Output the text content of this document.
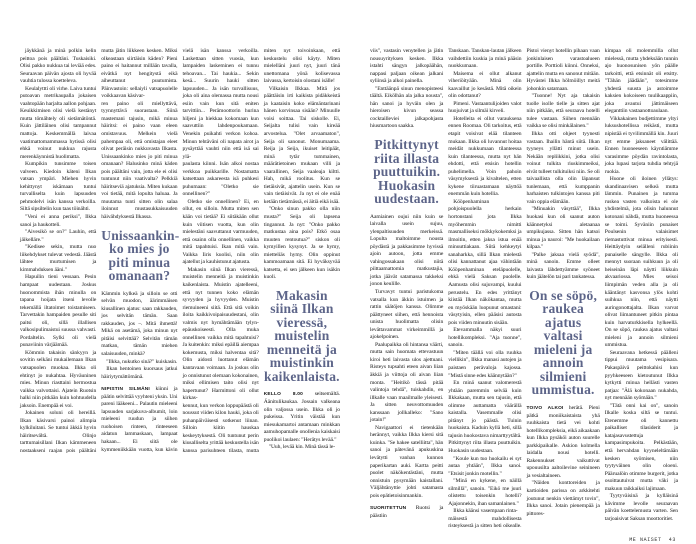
jäykkänä ja minä polkin kelin peittoa pois päältäni. Tuskaisiki. Olisi pakko nukkua tai leviää edes. Seuraavan päivän ajosta oli hyvää vauhtia tulossa koetteleva.

Keulalyttti oli virhe. Laiva tuntui putoavan metrikaupalla jokaisen vaahtopään harjalta aallon pohjaan. Keuikkimisen olisi vielä kestänyt mutta tömähtely oli sietämätöntä. Kuin jättiläinen olisi tampannut mattoja. Keskemmällä laivaa vaatimattomammassa hytissä olisi ehkä voinut nukkua rajusta merenkäynnistä huolimatta.

Kumpikin tunsimme toisen valveen. Kiedoin käteni Ilkan vatsan ympäri. Miehen hyvin kehittynyt iskämaan tuntui turvalliselta kuin lapsuuden pehmolelvi isän kanssa verkoilla. Siltä sipsiltelin kun taas töinähti.

"Veni ei anna periksi", Ilkka sanoi ja haukotteli.

"Aivesikö se on?" Lauhin, että jäikelläre."

"Kedisee sekin, mutta nuo liikehdykset tulevat vedestä. Jäästä lähtee murtumisen ja kimmahduksen ääni."

Hapuilin tieni vessaan. Pesin hampaat uudestaan. Joskus huonommista ihän minulla on tapana hoijata itseni levolle tekemällä iltatoimet toistamiseen. Tarvettakin hampaiden pesulle siti paitsi oli, sillä illallisen valkosipulimaistui suussa vahvasti. Pordaltelin. Sylki oli vielä punaviinin värjäämää.

Kömmin takaisin sänkyyn ja sovitin selkäni mukailemaan Ilkan vatsapuolen muokaa. Ilkka oli ehtinyt jo nukahtaa. Hyväuninen mies. Minun riasttaini hermostua vaikka valvottaisi. Ajatein Ruotsin halki niin pitkään kuin kohtuudella jaksoin. Enempää ei voi.

Jokainen soluni oli hereillä. Ilkan käsivarsi painoi alimpia kylkiluitani. Se tuntui äkkiä hyvin häiritsevältä. Olinjo tarttumaisillani Ilkan kämmeneen nostaakseni raajan pois päältäni mutta jätin liikkeen kesken. Miksi olkeastaan siirtäisin käden? Pieni paino ei haitannut millään tavalla, eivätkä nyt hengitystä eikä aiheuttanut puutumista. Päinvastoin: sellaiyli vatsapuolelle voikkaavan käsivar-

ren paino oli miellyttävä, tyynnyttävä suorastaan. Siinä mastemani tajusin, mikä minua häiritsi: ei paino vaan eleen omistavuus. Melkein vielä pahempaa oli, että omistajan eleet olivat peräisin nukkuvasta Ilkasta. Unissaankinko mies jo piti minua omanaan? Halusinko minä käden pois päältäni vain, jotta ele ei olisi tuntunut niin vaativalta? Pelkkiä häiritseviä ajatuksia. Miten kukaan voi tietää, mitä lopulta haluaa. Ja muutama tunti sitten olin salaa iloinnut mustasukkaisuuden häivähdyksestä Ilkassa.

Unissaankinko mies jo piti minua omanaan?

Kämmin kylkeä ja silloin se otti selvän muodon, äärimmäisen kiusallinen ajatus: saan rakkauden, jos selvitän tämän. Saan rakkauden, jos –. Mitä ihmettä! Mikä on asetämä, joka minun nyt pitäisi selvittää? Selvitän tämän matkan, tämän miehen salaisuuden, minkä?

"Ilkka, nukutko sinä?" kuiskasin.

Ilkan hentoinen kuorsaus jatkui häiriytymättömänä.

NIPISTIN SILMÄNI kiinni ja päätin selvittää vyyhteni yksin. Uni pareni lääkeeni... Palautin mieleeni lapsuuden sarjakuva-albumit, loin mieleeni ruudun ja siihen ruohoisen rinteen, rinteeseen aidatun lammaskaan, lampaat hakaan... Ei siitä ole kymmeniikkään vuotta, kun kävin vielä isän kanssa verkoilla. Laskettaan sitten vuosia, kun lampaiden laskeminen ei tunnu tehoavan... Tai haukia... Sekin kesä... Suurin hauki sitten lapsuuden... Ja isän turvallisuus, joka oli aina olemassa mutta nousi esiin vain kun sitä eniten tarvittiin... Perämoottorin hurina hiljeni ja hiekkaa kokomaan kun saavuttiin lahdenpoukamaan. Venekin puikahti verkon kohoa. Minun tehtäväni oli napata airot ja pysäyttää vauhti niin että isä sai ylä-

paulasta kiinni. Isän alkoi nostaa verkkoa puikkarille. Nostamatta katsettaan askareesta isä puhkesi puhumaan: "Oletko sie onnellinen?"

Oletko sie onnellinen? Ei, en ollut, en silloin. Mutta miten sen kään voi tietää? Ei siitäkään ollut kuin viitisen vuotta, kun olin mielestäni saavuttanut varmuuden, että osainn olla onnellinen, vaikka mitä tapahtuisi. Ikan mitä vain. Vaikka Iiris kuolisi, niin olin ajatellut ja kauhistunut ajatusta.

Makasin siinä Ilkan vieressä, muistelin menneitä ja muistinkin kaikenlaista. Muistin ajatelleeni, että nyt tunnen koko elämän syvyyden ja hyvyyden. Muistin riemuineeni siitä. Että sitä voikin iloita kaikkivoipaisuudestani, olin valmis nyt hymähtämään tylyn-epäuskoiseesti. Olla muka onnellinen vaikka mitä tapahtuisi? Ja kuitenkin: miksi epäillä aiempaa kokemusta, miksi halventaa sitä? Olin aidosti luottanut elämän kantavaan voimaan. Ja joskus olin jo onnistunut olemaan kokonainen, miksi ellimisen taito olisi nyt hapertunut? Harmittoni oli ollut kirkas-

kennut, kun verkon loppupäästä oli noussut viiden kilon hauki, joka oli puhanpäiväisesti sotkenut liinan. Silloin kiitin hauskaa keskeytyksestä. Oli tuntunut perin kiusalliselta yrittää keskustella isän kanssa parisuhteen tilasta, mutta miten nyt toivoinkaan, että keskustelu olisi käyty. Miten mielelläni juuri nyt, juuri tänä unettomana yönä kolisevassa laivassa, kertoisin olostani isälle!

Vilkaisin Ilkkaa. Mitä jos päättäisin irti kaikista pidäkkeistä ja kaataisin koko elämäntarinani hänen korvinsaa sisään? Minuulle voisi soittaa. Tai siskolle. Ei, Seijalta tulisi vain kireää arvostelua. "Olet arvaamaton", Seija oli sanonut. Monumaama. Reija ja Seija, ikuiset leitipäät, minä tytär tummainen, määrätietoinen mukaan villi ja vaarallinen, Seija vaaleaja kiltti. Hah, mikä roolitus. Kun se tietäisivät, ajattelin usein. Kun se vain tietäisivät. Ja nyt ei ole enää ketään tietämässä, ei äitiä eikä isää.

"Onko sinun pakko olla niin musta?" Seija oli lapsena tingannut. Ja nyt: "Onko pakko matkustaa aina pois? Etkö osaa muuten rentoutua?" siskon oli kymyillen kysynyt. Ja se hymy, mietteliäs hymy. Olin oppinut kammoamaan sitä. Ei hyväksyvää katsetta, ei sen jälkeen kun isäkin kuoli.

Makasin siinä Ilkan vieressä, muistelin menneitä ja muistinkin kaikenlaista.

KELLO 8.00 seitsemältä. Äänitulikaukaa. Jossain valkeana olin valjossa usein. Ilkka oli jo pukeissa. Yritin väistää kun miesukamartoi antamaan minkkan aamuhopamalle onollenia kaiskaisi puolikoi laulaen: "Herätys levää."

"Uuh, levää kin. Minä tässä le-

viis", vastasin venytellen ja jätin nousuyrityksen kesken. Ilkka istahti sängyn jalkopäähän, nappasi paljaan oikean jalkani syliinsä ja alkoi painella.

"Enttäänpä sinun menopisteesi täältä. Eikölhän ala jalka nousta", hän sanoi ja hyväin olen ja hieroisen kivun seassa cocktailleviei jalkapohjasta hiusmartoon saakka.

Pitkittynyt riita illasta puuttuikin. Huokasin uudestaan.

Aamiainen oujui niin kuin se laivalla usein sujuu, ylenpaltisuuden merkeissä. Lopulta maltoimme nousta pöydästä ja pakkasimme hyvissä ajoin autoon, jotta emme vahingossakaan olisi niitä piittaamattomia matkustajia, jotka jäävät satamassa takkeksi jonon keulille.

Turvavyt tuntui paristukoma vatsalla kun äkkin istuimen ja rattin säätöjen kanssa. Olimme päättyneet siihen, että hennoista unista huolimatta olisin levättavammat virkeimmillä ja ajokelpoinen.

Paalupaikka oli hintansa väärti, mutta sain huomata ettevastuun kiroi heti laivasta ulos ajettuani. Risteys tupsahti eteen aivan liian äkkiä ja viittoja oli aivan liian monta. "Heitikö tässä pitää valintoja tehdä", tuiskahdin, en illkalle vaan maailmalle yleisesti. Ja sitten neuvottomuuden kanssaan jollkalleko: "Sano jotain!"

Navigaattori ei tietenkään herännyt, vaikka Ilkka kiersi sitä kuinka. "Se hakee satelliitta", hän sanoi ja pätevänä apukuskina levätytti vanhan kunnon paperikartan auki. Kartta peitti puolet näkökentästäni, mutta onnistuin pysymään kaistallani. Väljähtänyttie johti satamasta pois epätietoisinmankin.

SUORITETTUN Ruotsi ja päästiin

Tanskaan. Tanskan-lautan jälkeen vaihdettiin kuskia ja minä pääsin nuokkumaan.

Maisema ei ollut alkanut viheriöityään. Minä olin kaavaillut jo kesästä. Mitä oikein olin odottanut?

Pimeni. Vastaantulijoiden valot huojuivat ja silmäi kirveli.

Hotelleita ei ollut varauksena ennen Roomaa. Oli tarkoitus, että etapit voisivat elää tilanteen mukaan. Ilkka oli luvannut hoitaa meidät nukkumaan tilanteessa kuin tilanteessa, mutta nyt hän ehdotti, että etsisin hotellin puhelimella. Voin pahoin väsymyksestä ja kivaltelen, etten kykene tiiruastamaan näyttöä enemmän kuin hotellia.

Kööpenhaminan pohjoispuolella herkain hortonstani jota Ilkka myöhemmin nimitti masmalliseksi mökkykokemksi ja ilmoitin, etten jaksa istua enää minuuttiakaan. Siitä kehkeytyi sanaharkka, sillä Ilkan mielestä olisi kannattanut ajaa vähintään Kööpenhaminan eteläpuolelle, ehkä vielä Saksan puolelle. Aamusta olisi sujuvampi, kuului perustelu. En edes yrittänyt kiistää Ilkan näkökantaa, mutta en myöskään luopunut omastani: väsytyisin, ellen pääsisi autosta pois viiden minuutin sisään.

Etevammalla näkyi suuri hotellikompleksi. "Aja tuonne", sanoin.

"Miten täällä voi olla ruuhka viellikin", Ilkka manasi autojen ja paistaen perävaloja kajossa. "Mistä sinne edes käännytään?"

En minä saanut valomerestä yhtään paremmin selvää kuin Ilkkakaan, mutta sen tajusin, että olimme auttamatta väärällä kaistalla. Vasemmalle olisi pitänyt jo päästä. Tuinin huokaista. Kaduin kyllä heti, sillä tajusin huokostava nimarttyytältä. Pitkittynyt riita illasta puuttuikin. Huokasin uudestaan.

"Koule kun tuo huokailu ei syt autaa yhtään", Ilkka sanoi. "Etsisit jonkin motellin."

"Minä en kykene, en näillä silmillä", sanoin. "Eikö me juuri olistettu toisenkin hotelli? Ajajonnekin, ihan samanlainen."

Ilkka käänsi vasempaan rinta-

mäisestä mahdollisesta risteyksestä ja sitten heti oikealle. Pistoi vienyt hotellin pihaan vaan jonkinlaisen varastoalueen portille. Porttioli kiinni. Onneksi, ajattelin mutta en sanonut mitään. Hyvästei Ilkka hölmöillyt meitä johonkin satamaan.

"Tuonne! Nyt aja takaisin tuolle isolle tielle ja sitten ajat niin pitkään, että seuraava hotelli tulee vastaan. Siihen mennään vaikka se olisi minkälainen."

Ilkka otti ohjeet tyynesti vastaan. Ihailin häntä siitä. Ilkan tyyneys yllätti minut usein. Nekään repliikkini, jotka olisi voinut tulkita riuskimmeiksi, eivät tulleet tulkituiksi niin. Se oli taivaallista olla olin läpansut tunlemaan, että kumppanin harhaisten tulkintojen kanssa piti vain oppia elämään.

"Minuakin väsyttää", Ilkka huokasi kun oli saanut auton käännetyksi aletaanaa umpikujassa. Sitten hän katsoi minua ja nauroi: "Me huokailaan kilpaa."

"Palke jaksaa vielä syödä", minä sanoin. Emme olleet laivasta lähdettyämme syöneet kuin jäätelön tai pari tankatessa.

On se söpö, raukea ajatus valtasi mieleni ja annoin silmieni ummistua.

TOIVO ALKOI herätä. Pieni pätkä moniikaistaista yhä ruuhkaista tietä vei kohti hotellikompleksia, eikä aikaakaan kun Ilkka pysäköi auton suurelle parkkipaikalle. Askion kolmella laidalla nousi hotelli. Rakennukset vaikuttivat upouusilta aaltoilevine seinineen ja vesialtaineen.

"Näiden konttoreiden ja kartioiden parissa on arkkitehti joutunut nenkin viettämyt tovin", Ilkka sanoi. Jotain pienempää ja pittores-

kimpaa oli molemmilla ollut mielessä, mutta yhdeksään tunnin ajo huonosunisen yön päälle tarkoitti, että etsinnät oli etsitty. "Tähän jäädään", totesimme yhdestä suusta ja astoimme kaksien kokoiseen tuulikaappiin, joka avautui jättimäiseen eleganttiin vastaanottoaulaan.

Vikkakainen budjettimme yltyi luksushotellissa reikästi, mutta nipistää ei tyvilimmällä kin. Juuri nyt emme jaksaneet välittää. Ennen huoneeseen käyntiämme varasimme pöydän ravintolasta, joka lupasi tarjota tuhdia tehtyjä ruokia.

Huone oli iloinen yllätys: skandinaavisen selkeä mutta lämmin. Punainen ja tumma ruskea vasten valkoista ei ole yhdistelmä, jota olisin halunnut kotonani nähdä, mutta huoneessa se toimi. Syväniin punaiset Poulsenin valaisimet riemastuttivat minua erityisesti. Heittäydyin selälleni rubiinin punaiselle sängylle. Ilkka oli mennyt suoraan suihkuun ja oli heiseinän läpi näytti liikkuin akvaariossa. Mies seisoi liimpimän veden alla ja oli kääntänyt kasvonsa ylös kohti suihkua niin, että näytti auringonottajalta. Ilkan varvat olivat liimantuneet pitkin pintaa kuin harvaturkkisella hylkeellä. On se söpö, raukea ajatus valtasi mieleni ja annoin silmieni ummistua.

Seuraavana hetkessä päälleni tippui muutama vesipisara. Pakaspäivä peittokahisi kun pyyhkeeseen kietoutunut Ilkka kytkytti minua hellästi vasten patjaa: "Älä kokonaan nukahda, nyt mennään syömään."

"Tätä onni kai on", sanoin Ilkalle koska siltä se tuntui. Etenemme oli kannettu paikalliset tilasiderit ja katajasavustettuja kampasimpukoita. Pelkästään, että hervahdan kyyneleltämään kesken syömisen, niin tyytyväinen olin oloeni. Päärualöin otimme burgerit, jotka osoittautuivat mutta väki ja makuun raikkaiksi lajimaan.

Tyytyväisinä ja kylläisinä kävimme levolle seuraavan päivän koettelemusta varten. Sen tarjoaisivat Saksan moottoritiet.

ME NAISET 43
